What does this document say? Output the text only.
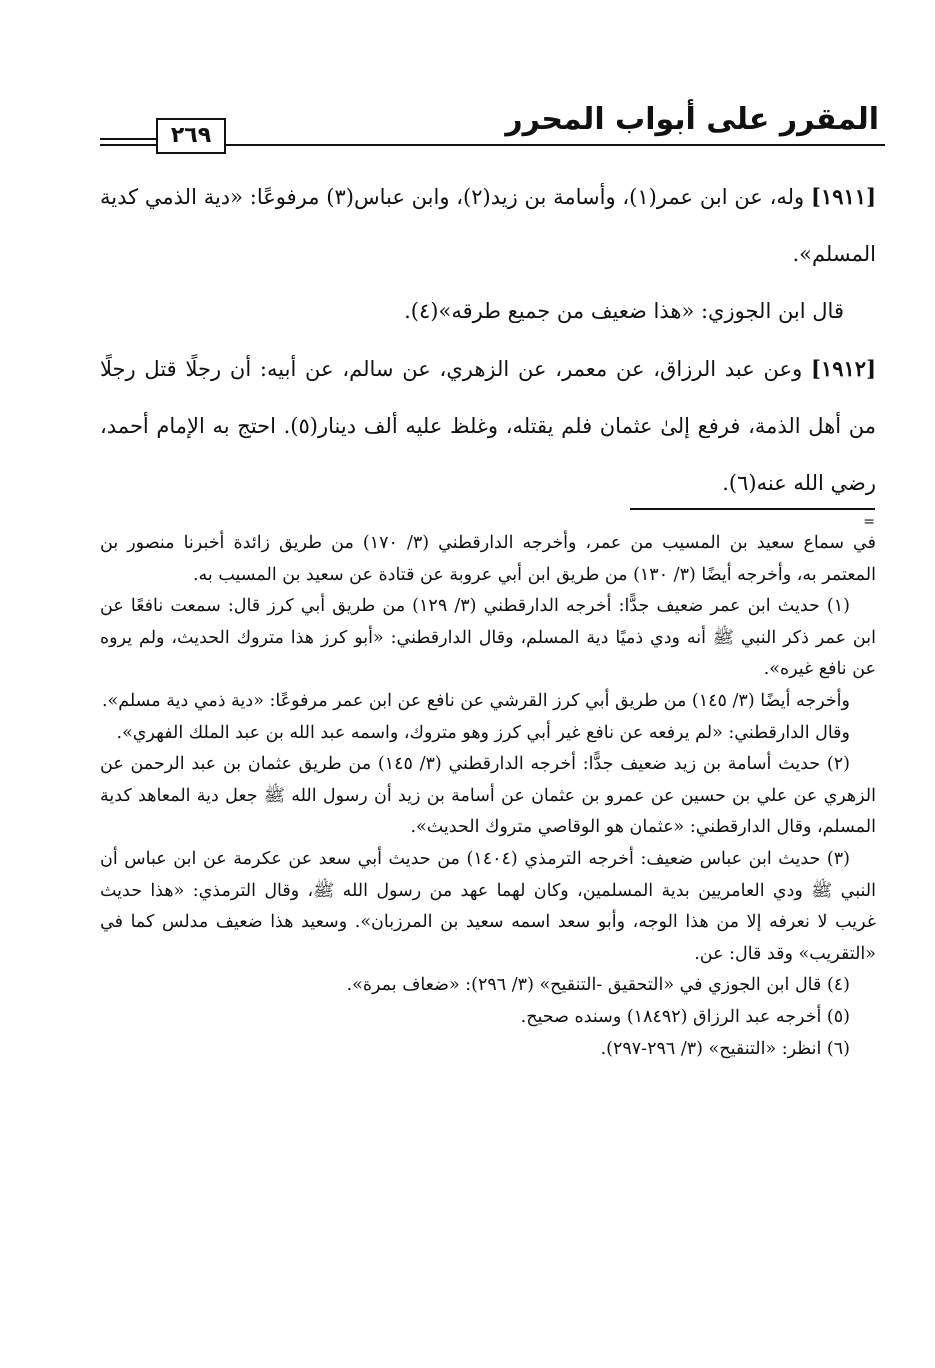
المقرر على أبواب المحرر
٢٦٩

[١٩١١] وله، عن ابن عمر(١)، وأسامة بن زيد(٢)، وابن عباس(٣) مرفوعًا: «دية الذمي كدية المسلم».

قال ابن الجوزي: «هذا ضعيف من جميع طرقه»(٤).

[١٩١٢] وعن عبد الرزاق، عن معمر، عن الزهري، عن سالم، عن أبيه: أن رجلًا قتل رجلًا من أهل الذمة، فرفع إلىٰ عثمان فلم يقتله، وغلظ عليه ألف دينار(٥). احتج به الإمام أحمد، رضي الله عنه(٦).

=

في سماع سعيد بن المسيب من عمر، وأخرجه الدارقطني (٣/ ١٧٠) من طريق زائدة أخبرنا منصور بن المعتمر به، وأخرجه أيضًا (٣/ ١٣٠) من طريق ابن أبي عروبة عن قتادة عن سعيد بن المسيب به.

(١) حديث ابن عمر ضعيف جدًّا: أخرجه الدارقطني (٣/ ١٢٩) من طريق أبي كرز قال: سمعت نافعًا عن ابن عمر ذكر النبي ﷺ أنه ودي ذميًا دية المسلم، وقال الدارقطني: «أبو كرز هذا متروك الحديث، ولم يروه عن نافع غيره».

وأخرجه أيضًا (٣/ ١٤٥) من طريق أبي كرز القرشي عن نافع عن ابن عمر مرفوعًا: «دية ذمي دية مسلم».

وقال الدارقطني: «لم يرفعه عن نافع غير أبي كرز وهو متروك، واسمه عبد الله بن عبد الملك الفهري».

(٢) حديث أسامة بن زيد ضعيف جدًّا: أخرجه الدارقطني (٣/ ١٤٥) من طريق عثمان بن عبد الرحمن عن الزهري عن علي بن حسين عن عمرو بن عثمان عن أسامة بن زيد أن رسول الله ﷺ جعل دية المعاهد كدية المسلم، وقال الدارقطني: «عثمان هو الوقاصي متروك الحديث».

(٣) حديث ابن عباس ضعيف: أخرجه الترمذي (١٤٠٤) من حديث أبي سعد عن عكرمة عن ابن عباس أن النبي ﷺ ودي العامريين بدية المسلمين، وكان لهما عهد من رسول الله ﷺ، وقال الترمذي: «هذا حديث غريب لا نعرفه إلا من هذا الوجه، وأبو سعد اسمه سعيد بن المرزبان». وسعيد هذا ضعيف مدلس كما في «التقريب» وقد قال: عن.

(٤) قال ابن الجوزي في «التحقيق -التنقيح» (٣/ ٢٩٦): «ضعاف بمرة».

(٥) أخرجه عبد الرزاق (١٨٤٩٢) وسنده صحيح.

(٦) انظر: «التنقيح» (٣/ ٢٩٦-٢٩٧).
